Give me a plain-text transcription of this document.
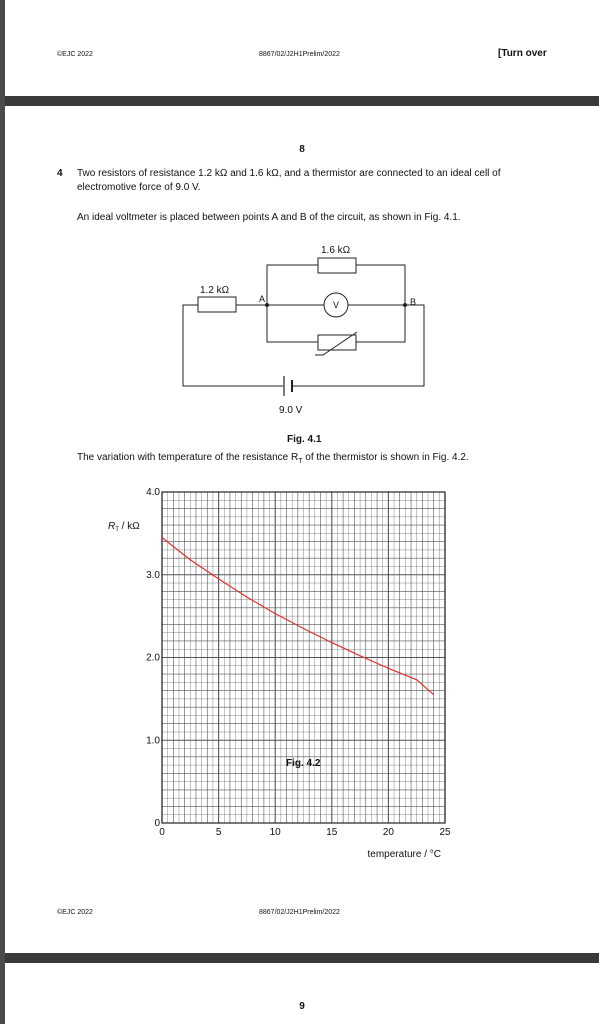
©EJC 2022	8867/02/J2H1Prelim/2022	[Turn over
8
4 Two resistors of resistance 1.2 kΩ and 1.6 kΩ, and a thermistor are connected to an ideal cell of
electromotive force of 9.0 V.
An ideal voltmeter is placed between points A and B of the circuit, as shown in Fig. 4.1.
1.6 kΩ
1.2 kΩ
A	B
V
9.0 V
Fig. 4.1
The variation with temperature of the resistance $R_T$ of the thermistor is shown in Fig. 4.2.
0	5	10	15	20	25
0
1.0
2.0
3.0
4.0
temperature / °C
$R_T$ / kΩ
Fig. 4.2
©EJC 2022	8867/02/J2H1Prelim/2022
9
